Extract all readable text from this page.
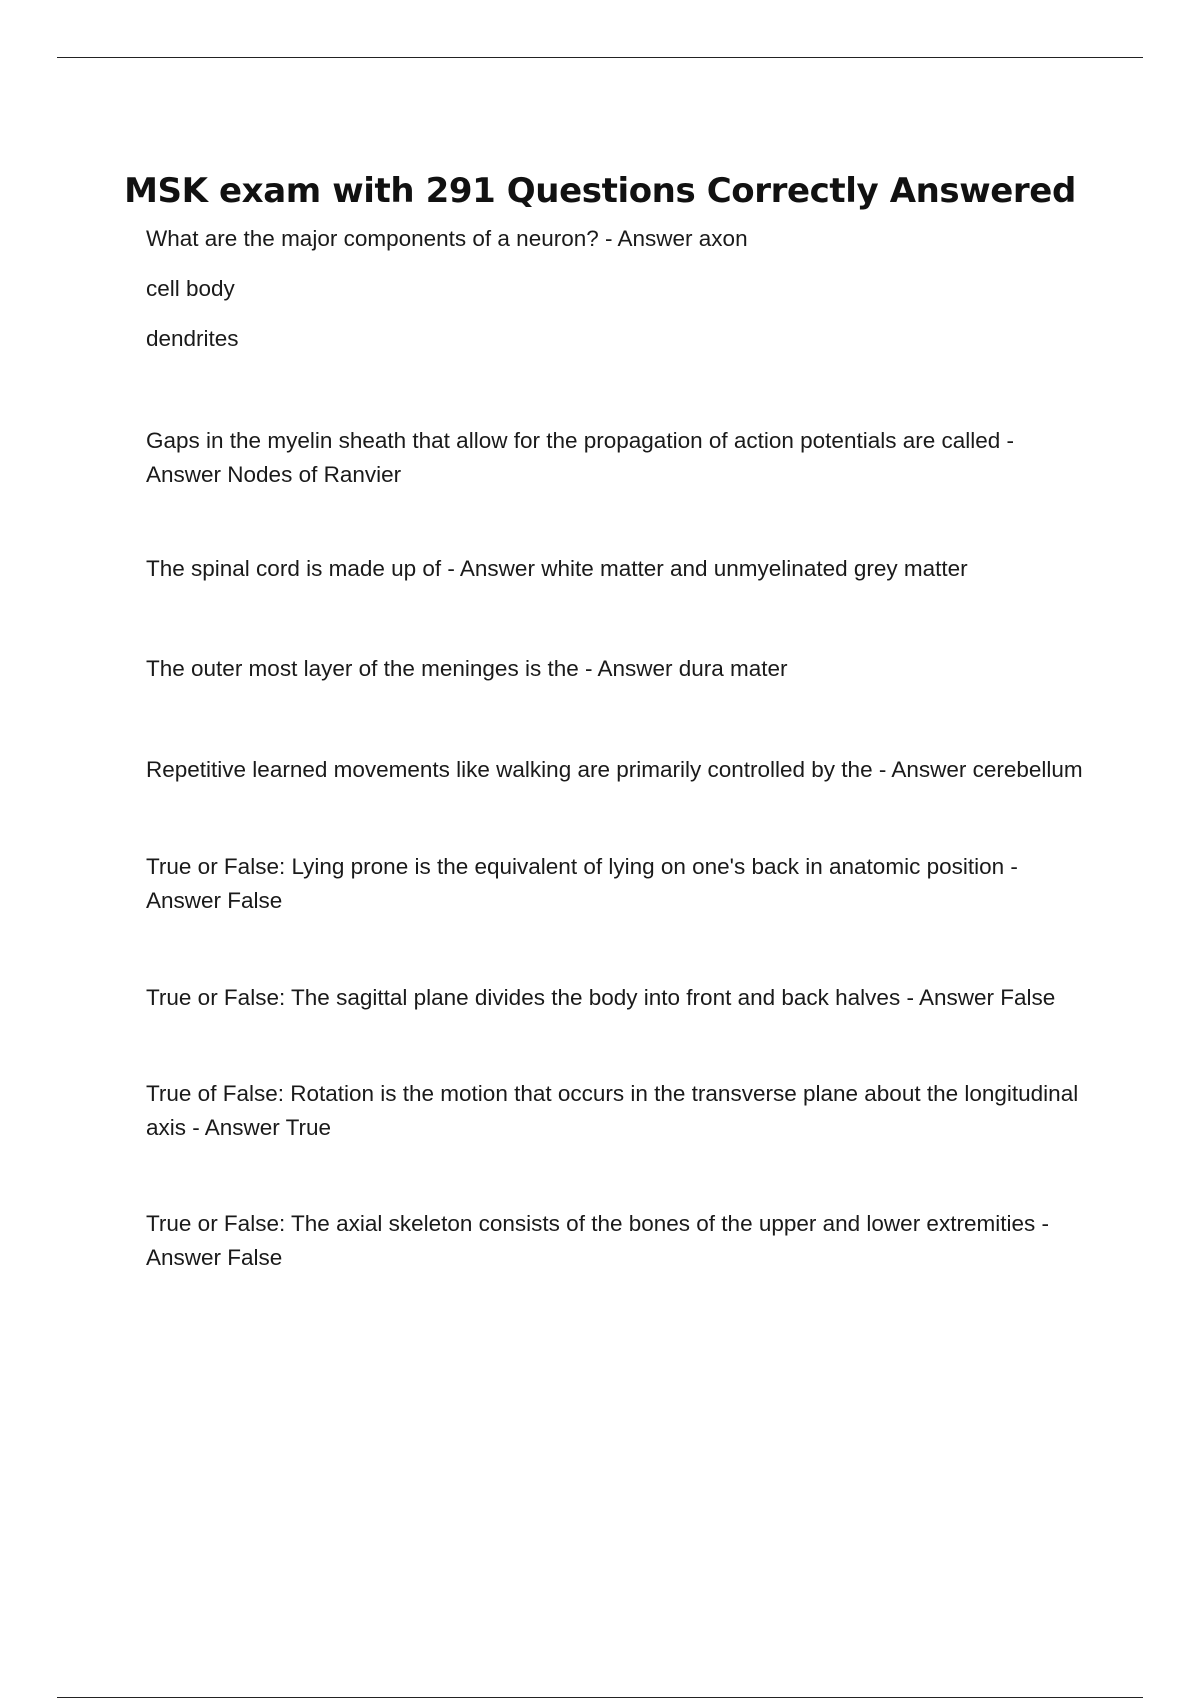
MSK exam with 291 Questions Correctly Answered

What are the major components of a neuron? - Answer axon

cell body

dendrites

Gaps in the myelin sheath that allow for the propagation of action potentials are called - Answer Nodes of Ranvier

The spinal cord is made up of - Answer white matter and unmyelinated grey matter

The outer most layer of the meninges is the - Answer dura mater

Repetitive learned movements like walking are primarily controlled by the - Answer cerebellum

True or False: Lying prone is the equivalent of lying on one's back in anatomic position - Answer False

True or False: The sagittal plane divides the body into front and back halves - Answer False

True of False: Rotation is the motion that occurs in the transverse plane about the longitudinal axis - Answer True

True or False: The axial skeleton consists of the bones of the upper and lower extremities - Answer False
